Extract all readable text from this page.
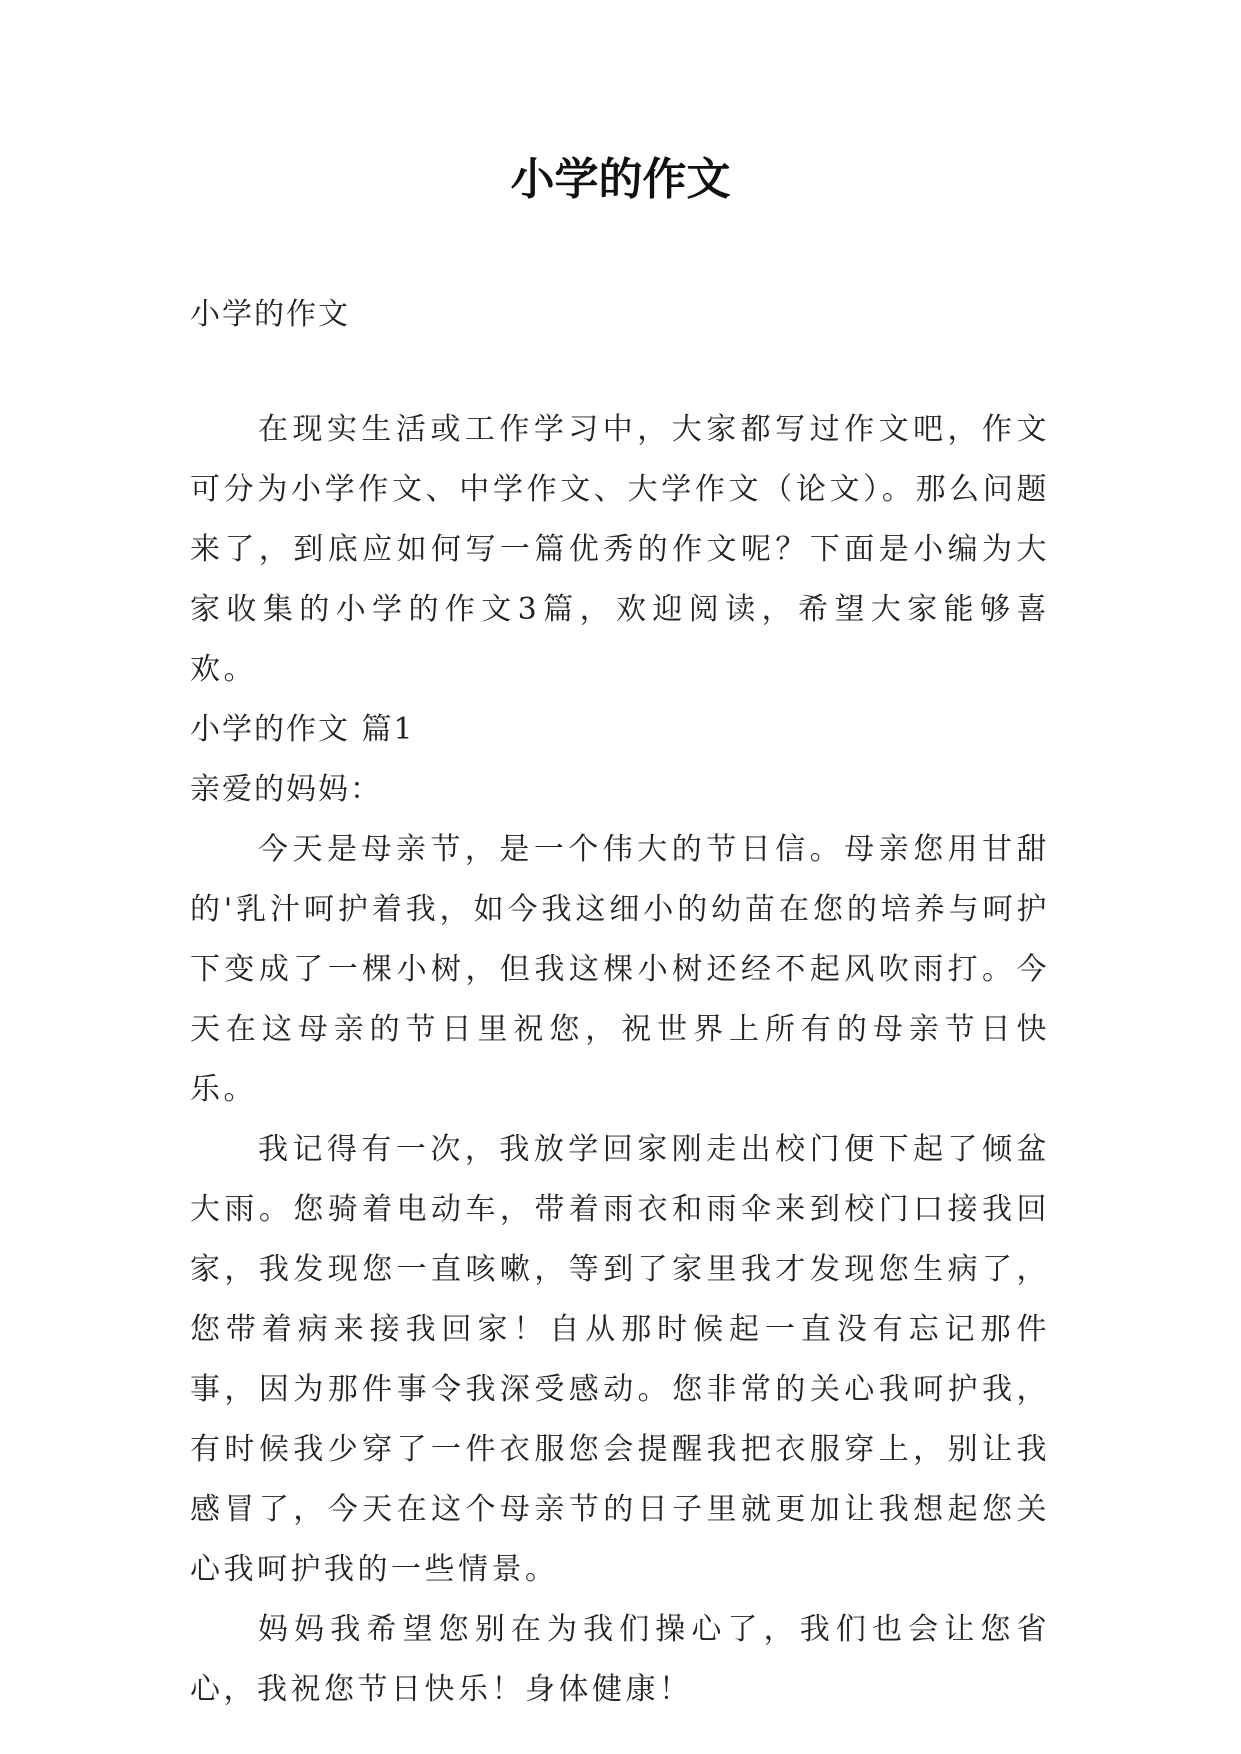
小学的作文
小学的作文

在现实生活或工作学习中，大家都写过作文吧，作文可分为小学作文、中学作文、大学作文（论文）。那么问题来了，到底应如何写一篇优秀的作文呢？下面是小编为大家收集的小学的作文3篇，欢迎阅读，希望大家能够喜欢。

小学的作文 篇1

亲爱的妈妈：

今天是母亲节，是一个伟大的节日信。母亲您用甘甜的'乳汁呵护着我，如今我这细小的幼苗在您的培养与呵护下变成了一棵小树，但我这棵小树还经不起风吹雨打。今天在这母亲的节日里祝您，祝世界上所有的母亲节日快乐。

我记得有一次，我放学回家刚走出校门便下起了倾盆大雨。您骑着电动车，带着雨衣和雨伞来到校门口接我回家，我发现您一直咳嗽，等到了家里我才发现您生病了，您带着病来接我回家！自从那时候起一直没有忘记那件事，因为那件事令我深受感动。您非常的关心我呵护我，有时候我少穿了一件衣服您会提醒我把衣服穿上，别让我感冒了，今天在这个母亲节的日子里就更加让我想起您关心我呵护我的一些情景。

妈妈我希望您别在为我们操心了，我们也会让您省心，我祝您节日快乐！身体健康！
